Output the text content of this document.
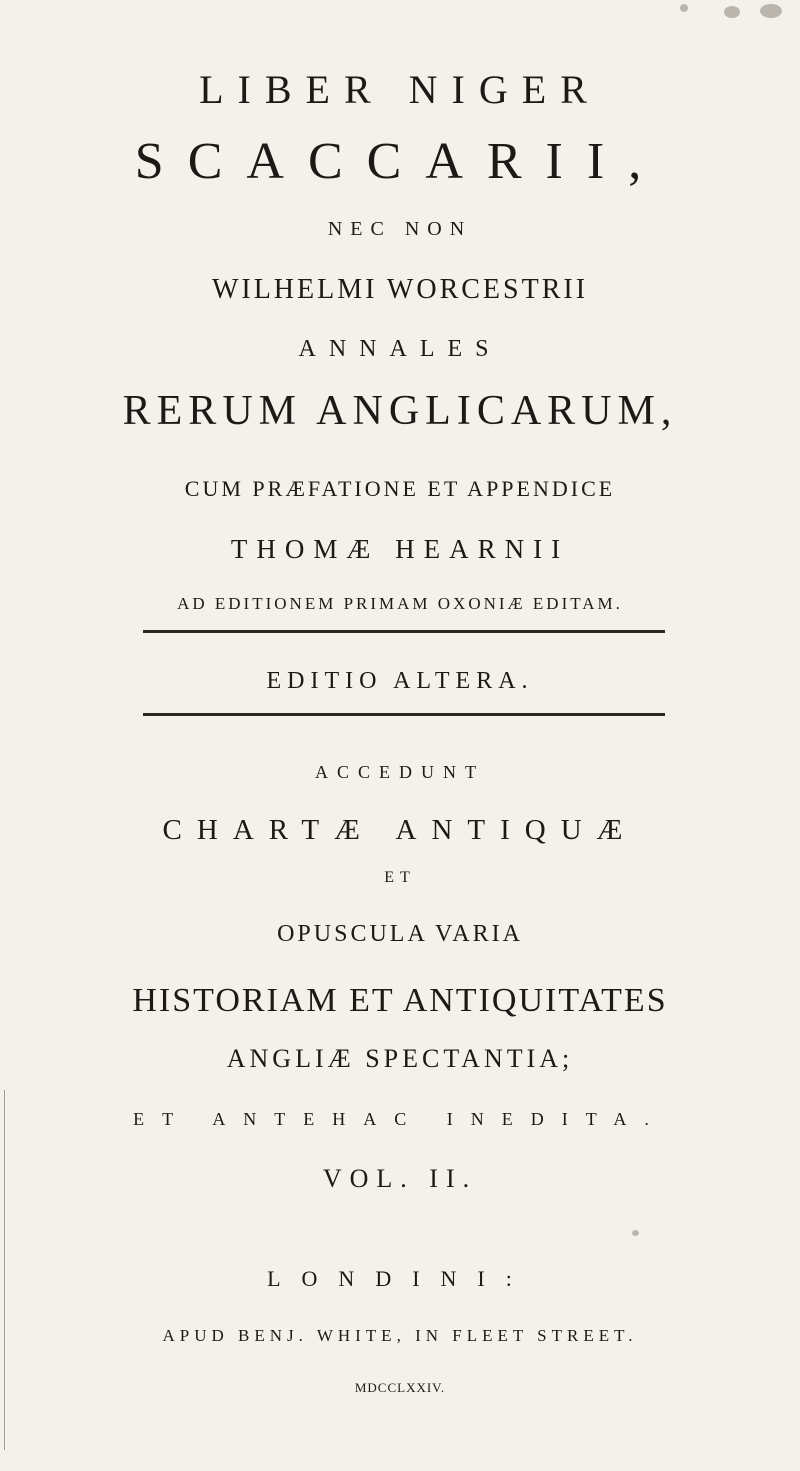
LIBER NIGER
SCACCARII,
NEC NON
WILHELMI WORCESTRII
ANNALES
RERUM ANGLICARUM,
CUM PRÆFATIONE ET APPENDICE
THOMÆ HEARNII
AD EDITIONEM PRIMAM OXONIÆ EDITAM.
EDITIO ALTERA.
ACCEDUNT
CHARTÆ ANTIQUÆ
ET
OPUSCULA VARIA
HISTORIAM ET ANTIQUITATES
ANGLIÆ SPECTANTIA;
ET ANTEHAC INEDITA.
VOL. II.
LONDINI:
APUD BENJ. WHITE, IN FLEET STREET.
MDCCLXXIV.
